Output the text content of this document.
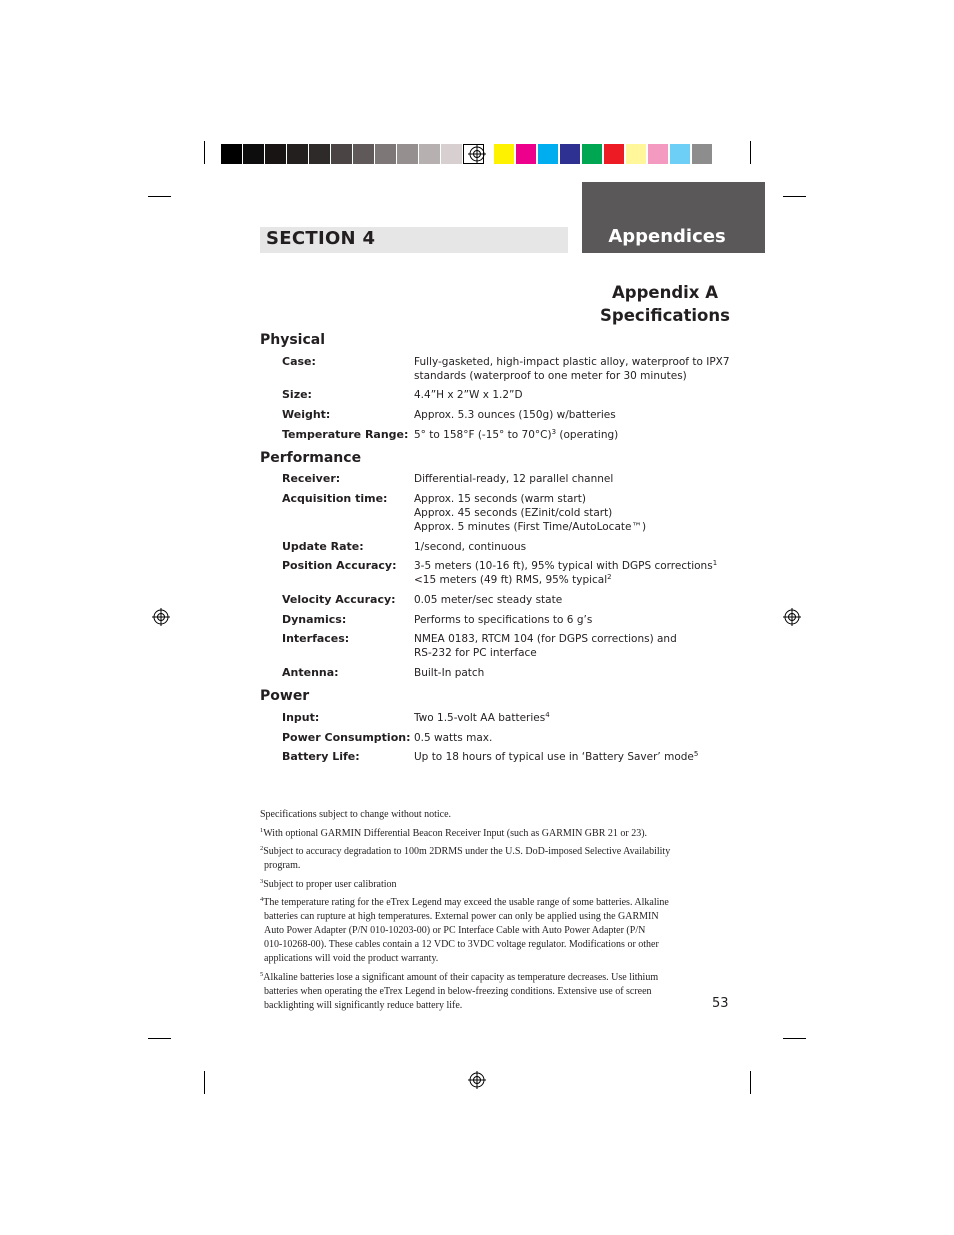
SECTION 4	Appendices
Appendix A
Specifications
Physical
Case:	Fully-gasketed, high-impact plastic alloy, waterproof to IPX7
standards (waterproof to one meter for 30 minutes)
Size:	4.4”H x 2”W x 1.2”D
Weight:	Approx. 5.3 ounces (150g) w/batteries
Temperature Range: 5° to 158°F (-15° to 70°C)$^3$ (operating)
Performance
Receiver:	Differential-ready, 12 parallel channel
Acquisition time:	Approx. 15 seconds (warm start)
Approx. 45 seconds (EZinit/cold start)
Approx. 5 minutes (First Time/AutoLocate™)
Update Rate:	1/second, continuous
Position Accuracy: 3-5 meters (10-16 ft), 95% typical with DGPS corrections$^1$
<15 meters (49 ft) RMS, 95% typical$^2$
Velocity Accuracy: 0.05 meter/sec steady state
Dynamics:	Performs to specifications to 6 g’s
Interfaces:	NMEA 0183, RTCM 104 (for DGPS corrections) and
RS-232 for PC interface
Antenna:	Built-In patch
Power
Input:	Two 1.5-volt AA batteries$^4$
Power Consumption: 0.5 watts max.
Battery Life:	Up to 18 hours of typical use in ‘Battery Saver’ mode$^5$
Specifications subject to change without notice.
$^1$With optional GARMIN Differential Beacon Receiver Input (such as GARMIN GBR 21 or 23).
$^2$Subject to accuracy degradation to 100m 2DRMS under the U.S. DoD-imposed Selective Availability
program.
$^3$Subject to proper user calibration
$^4$The temperature rating for the eTrex Legend may exceed the usable range of some batteries. Alkaline
batteries can rupture at high temperatures. External power can only be applied using the GARMIN
Auto Power Adapter (P/N 010-10203-00) or PC Interface Cable with Auto Power Adapter (P/N
010-10268-00). These cables contain a 12 VDC to 3VDC voltage regulator. Modifications or other
applications will void the product warranty.
$^5$Alkaline batteries lose a significant amount of their capacity as temperature decreases. Use lithium
batteries when operating the eTrex Legend in below-freezing conditions. Extensive use of screen
backlighting will significantly reduce battery life.	53
